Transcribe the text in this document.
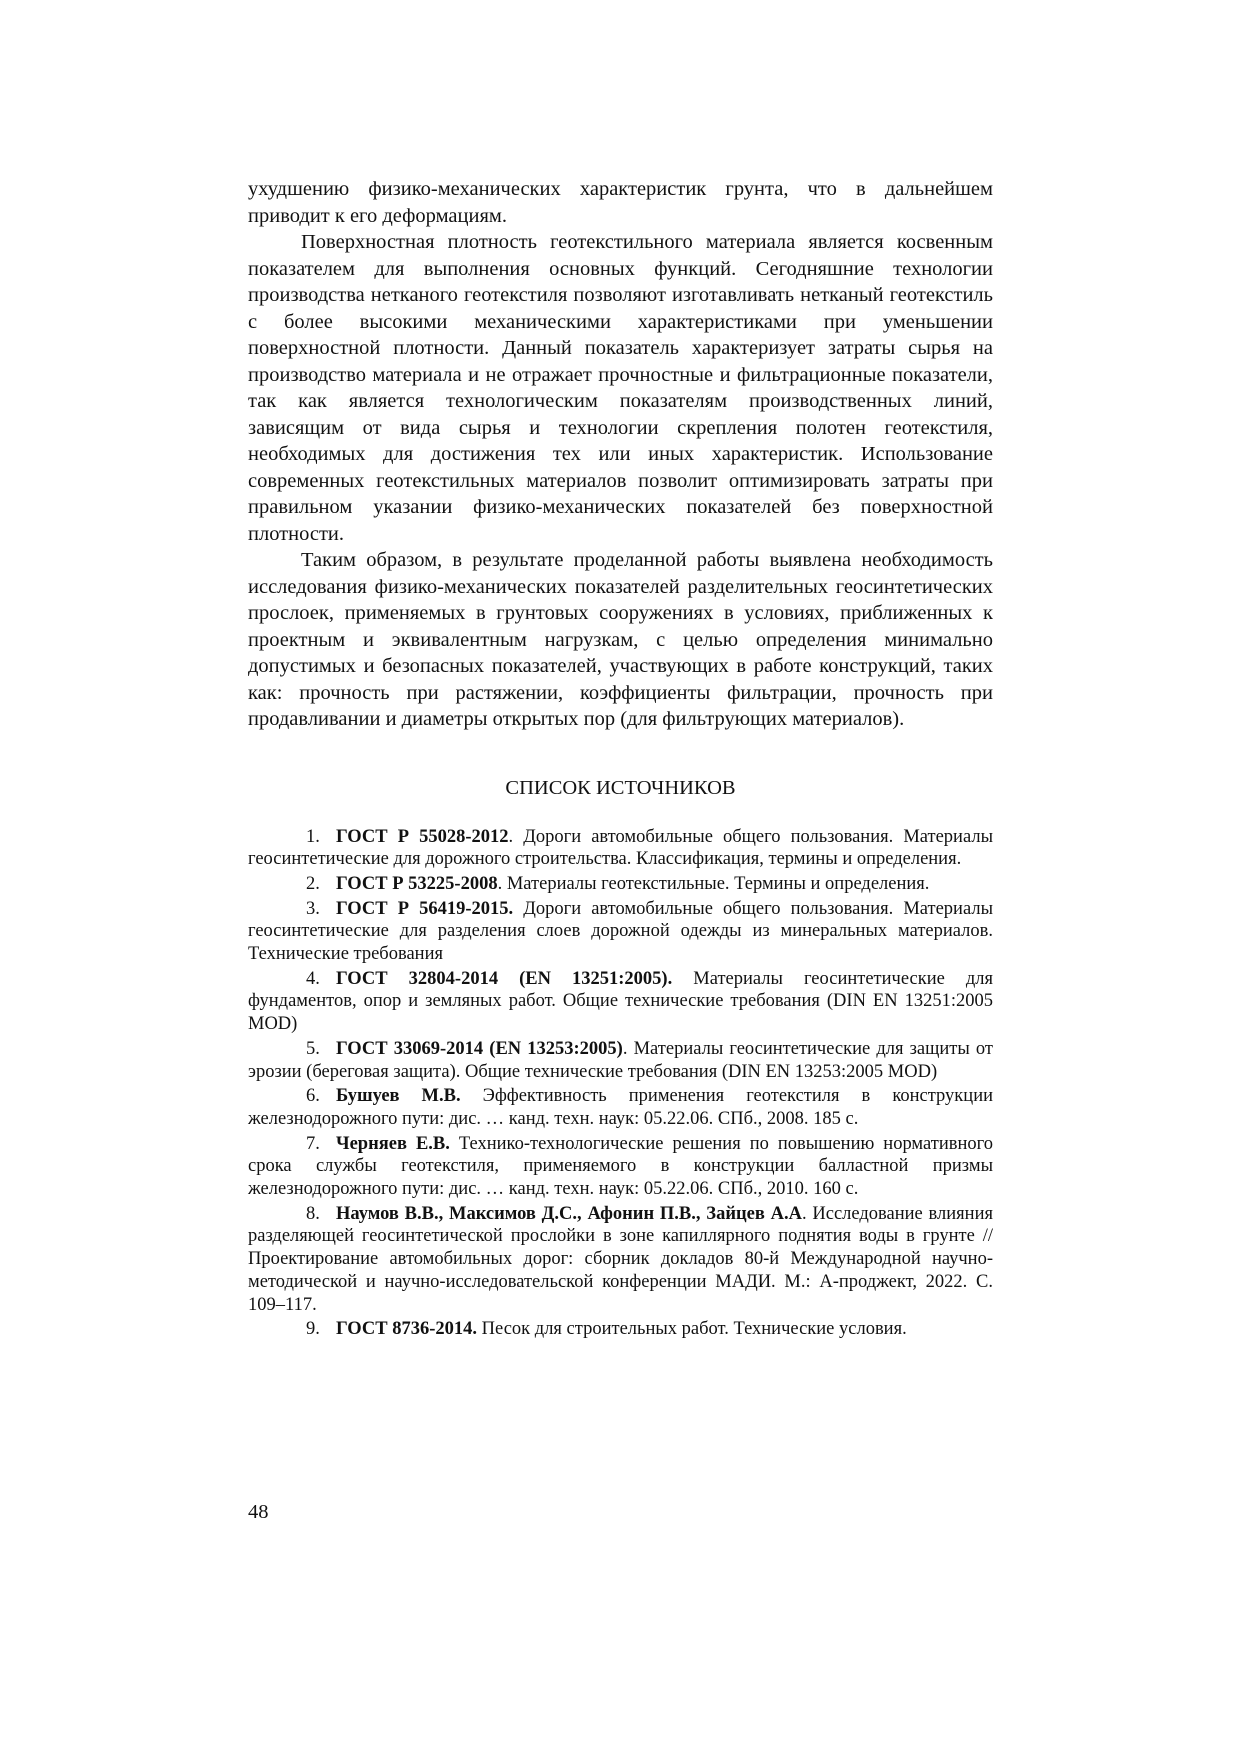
ухудшению физико-механических характеристик грунта, что в дальнейшем приводит к его деформациям.

Поверхностная плотность геотекстильного материала является косвенным показателем для выполнения основных функций. Сегодняшние технологии производства нетканого геотекстиля позволяют изготавливать нетканый геотекстиль с более высокими механическими характеристиками при уменьшении поверхностной плотности. Данный показатель характеризует затраты сырья на производство материала и не отражает прочностные и фильтрационные показатели, так как является технологическим показателям производственных линий, зависящим от вида сырья и технологии скрепления полотен геотекстиля, необходимых для достижения тех или иных характеристик. Использование современных геотекстильных материалов позволит оптимизировать затраты при правильном указании физико-механических показателей без поверхностной плотности.

Таким образом, в результате проделанной работы выявлена необходимость исследования физико-механических показателей разделительных геосинтетических прослоек, применяемых в грунтовых сооружениях в условиях, приближенных к проектным и эквивалентным нагрузкам, с целью определения минимально допустимых и безопасных показателей, участвующих в работе конструкций, таких как: прочность при растяжении, коэффициенты фильтрации, прочность при продавливании и диаметры открытых пор (для фильтрующих материалов).

СПИСОК ИСТОЧНИКОВ
1. ГОСТ Р 55028-2012. Дороги автомобильные общего пользования. Материалы геосинтетические для дорожного строительства. Классификация, термины и определения.
2. ГОСТ Р 53225-2008. Материалы геотекстильные. Термины и определения.
3. ГОСТ Р 56419-2015. Дороги автомобильные общего пользования. Материалы геосинтетические для разделения слоев дорожной одежды из минеральных материалов. Технические требования
4. ГОСТ 32804-2014 (EN 13251:2005). Материалы геосинтетические для фундаментов, опор и земляных работ. Общие технические требования (DIN EN 13251:2005 MOD)
5. ГОСТ 33069-2014 (EN 13253:2005). Материалы геосинтетические для защиты от эрозии (береговая защита). Общие технические требования (DIN EN 13253:2005 MOD)
6. Бушуев М.В. Эффективность применения геотекстиля в конструкции железнодорожного пути: дис. … канд. техн. наук: 05.22.06. СПб., 2008. 185 с.
7. Черняев Е.В. Технико-технологические решения по повышению нормативного срока службы геотекстиля, применяемого в конструкции балластной призмы железнодорожного пути: дис. … канд. техн. наук: 05.22.06. СПб., 2010. 160 с.
8. Наумов В.В., Максимов Д.С., Афонин П.В., Зайцев А.А. Исследование влияния разделяющей геосинтетической прослойки в зоне капиллярного поднятия воды в грунте // Проектирование автомобильных дорог: сборник докладов 80-й Международной научно-методической и научно-исследовательской конференции МАДИ. М.: А-проджект, 2022. С. 109–117.
9. ГОСТ 8736-2014. Песок для строительных работ. Технические условия.
48
